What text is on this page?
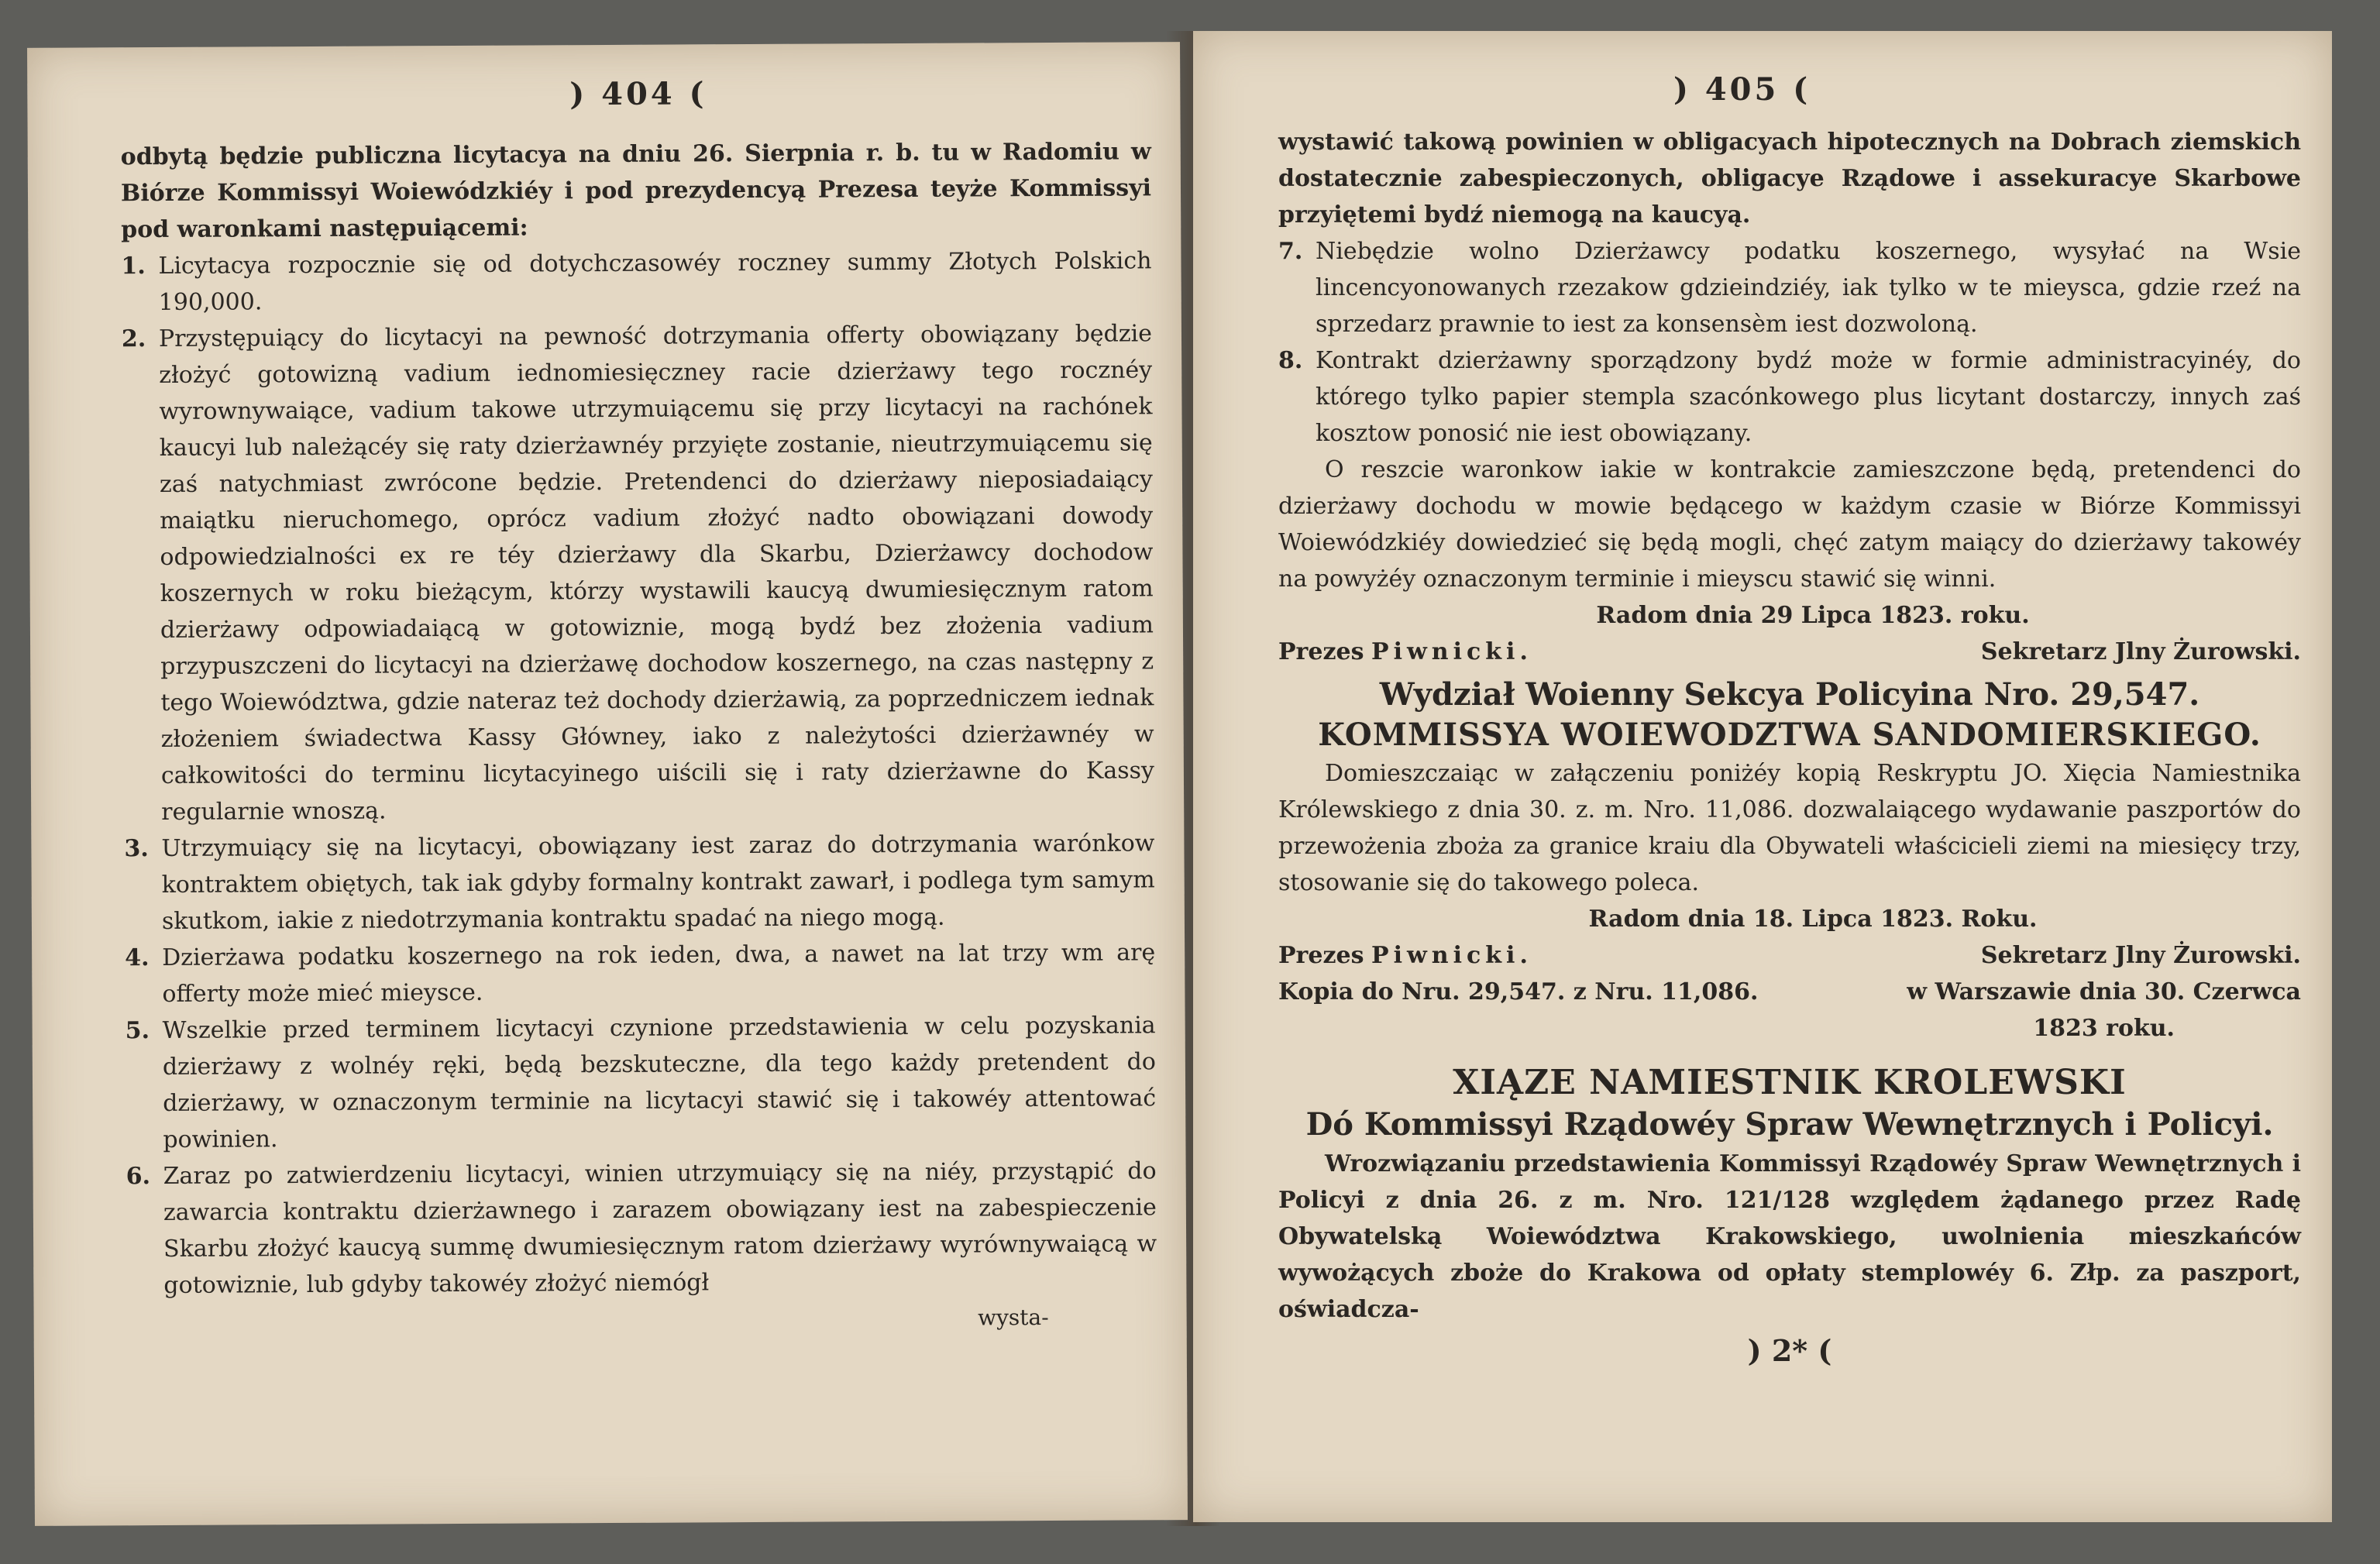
) 404 (

odbytą będzie publiczna licytacya na dniu 26. Sierpnia r. b. tu w Radomiu w Biórze Kommissyi Woiewódzkiéy i pod prezydencyą Prezesa teyże Kommissyi pod waronkami następuiącemi:

1. Licytacya rozpocznie się od dotychczasowéy roczney summy Złotych Polskich 190,000.
2. Przystępuiący do licytacyi na pewność dotrzymania offerty obowiązany będzie złożyć gotowizną vadium iednomiesięczney racie dzierżawy tego rocznéy wyrownywaiące, vadium takowe utrzymuiącemu się przy licytacyi na rachónek kaucyi lub należącéy się raty dzierżawnéy przyięte zostanie, nieutrzymuiącemu się zaś natychmiast zwrócone będzie. Pretendenci do dzierżawy nieposiadaiący maiątku nieruchomego, oprócz vadium złożyć nadto obowiązani dowody odpowiedzialności ex re téy dzierżawy dla Skarbu, Dzierżawcy dochodow koszernych w roku bieżącym, którzy wystawili kaucyą dwumiesięcznym ratom dzierżawy odpowiadaiącą w gotowiznie, mogą bydź bez złożenia vadium przypuszczeni do licytacyi na dzierżawę dochodow koszernego, na czas następny z tego Woiewództwa, gdzie nateraz też dochody dzierżawią, za poprzedniczem iednak złożeniem świadectwa Kassy Główney, iako z należytości dzierżawnéy w całkowitości do terminu licytacyinego uiścili się i raty dzierżawne do Kassy regularnie wnoszą.
3. Utrzymuiący się na licytacyi, obowiązany iest zaraz do dotrzymania warónkow kontraktem obiętych, tak iak gdyby formalny kontrakt zawarł, i podlega tym samym skutkom, iakie z niedotrzymania kontraktu spadać na niego mogą.
4. Dzierżawa podatku koszernego na rok ieden, dwa, a nawet na lat trzy wm arę offerty może mieć mieysce.
5. Wszelkie przed terminem licytacyi czynione przedstawienia w celu pozyskania dzierżawy z wolnéy ręki, będą bezskuteczne, dla tego każdy pretendent do dzierżawy, w oznaczonym terminie na licytacyi stawić się i takowéy attentować powinien.
6. Zaraz po zatwierdzeniu licytacyi, winien utrzymuiący się na niéy, przystąpić do zawarcia kontraktu dzierżawnego i zarazem obowiązany iest na zabespieczenie Skarbu złożyć kaucyą summę dwumiesięcznym ratom dzierżawy wyrównywaiącą w gotowiznie, lub gdyby takowéy złożyć niemógł

wysta-

) 405 (

wystawić takową powinien w obligacyach hipotecznych na Dobrach ziemskich dostatecznie zabespieczonych, obligacye Rządowe i assekuracye Skarbowe przyiętemi bydź niemogą na kaucyą.

7. Niebędzie wolno Dzierżawcy podatku koszernego, wysyłać na Wsie lincencyonowanych rzezakow gdzieindziéy, iak tylko w te mieysca, gdzie rzeź na sprzedarz prawnie to iest za konsensèm iest dozwoloną.
8. Kontrakt dzierżawny sporządzony bydź może w formie administracyinéy, do którego tylko papier stempla szacónkowego plus licytant dostarczy, innych zaś kosztow ponosić nie iest obowiązany.

O reszcie waronkow iakie w kontrakcie zamieszczone będą, pretendenci do dzierżawy dochodu w mowie będącego w każdym czasie w Biórze Kommissyi Woiewódzkiéy dowiedzieć się będą mogli, chęć zatym maiący do dzierżawy takowéy na powyżéy oznaczonym terminie i mieyscu stawić się winni.

Radom dnia 29 Lipca 1823. roku.

Prezes Piwnicki.	Sekretarz Jlny Żurowski.

Wydział Woienny Sekcya Policyina Nro. 29,547.

KOMMISSYA WOIEWODZTWA SANDOMIERSKIEGO.

Domieszczaiąc w załączeniu poniżéy kopią Reskryptu JO. Xięcia Namiestnika Królewskiego z dnia 30. z. m. Nro. 11,086. dozwalaiącego wydawanie paszportów do przewożenia zboża za granice kraiu dla Obywateli właścicieli ziemi na miesięcy trzy, stosowanie się do takowego poleca.

Radom dnia 18. Lipca 1823. Roku.

Prezes Piwnicki.	Sekretarz Jlny Żurowski.
Kopia do Nru. 29,547. z Nru. 11,086.	w Warszawie dnia 30. Czerwca
1823 roku.

XIĄZE NAMIESTNIK KROLEWSKI

Dó Kommissyi Rządowéy Spraw Wewnętrznych i Policyi.

Wrozwiązaniu przedstawienia Kommissyi Rządowéy Spraw Wewnętrznych i Policyi z dnia 26. z m. Nro. 121/128 względem żądanego przez Radę Obywatelską Woiewództwa Krakowskiego, uwolnienia mieszkańców wywożących zboże do Krakowa od opłaty stemplowéy 6. Złp. za paszport, oświadcza-

) 2* (
